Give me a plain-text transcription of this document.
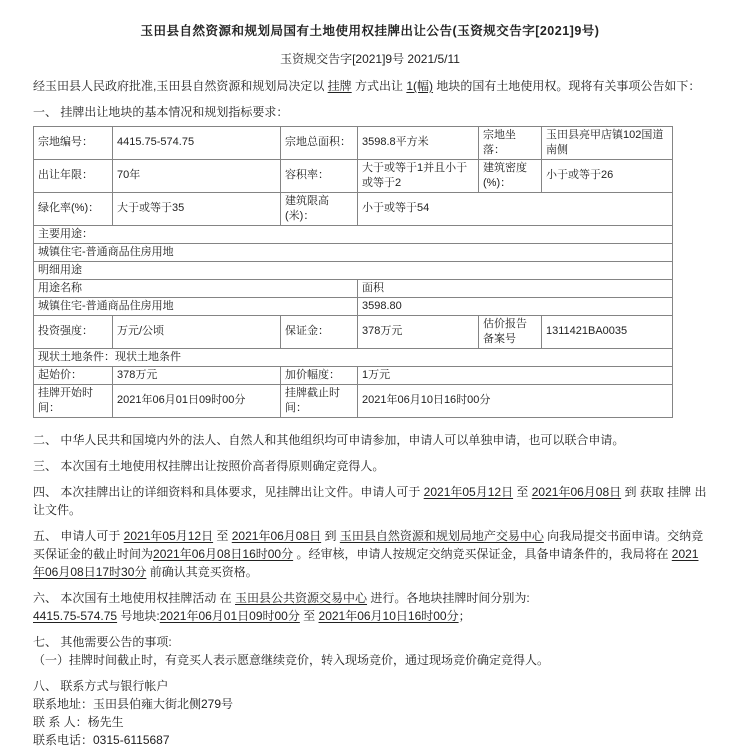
玉田县自然资源和规划局国有土地使用权挂牌出让公告(玉资规交告字[2021]9号)
玉资规交告字[2021]9号 2021/5/11

经玉田县人民政府批准,玉田县自然资源和规划局决定以 挂牌 方式出让 1(幅) 地块的国有土地使用权。现将有关事项公告如下：

一、 挂牌出让地块的基本情况和规划指标要求：

宗地编号：	4415.75-574.75	宗地总面积：	3598.8平方米	宗地坐落：	玉田县亮甲店镇102国道南侧
出让年限：	70年	容积率：	大于或等于1并且小于或等于2	建筑密度(%)：	小于或等于26
绿化率(%)：	大于或等于35	建筑限高(米)：	小于或等于54		
主要用途：					
城镇住宅-普通商品住房用地					
明细用途					
用途名称			面积		
城镇住宅-普通商品住房用地			3598.80		
投资强度：	万元/公顷	保证金：	378万元	估价报告备案号	1311421BA0035
现状土地条件：现状土地条件					
起始价：	378万元	加价幅度：	1万元		
挂牌开始时间：	2021年06月01日09时00分	挂牌截止时间：	2021年06月10日16时00分		

二、 中华人民共和国境内外的法人、自然人和其他组织均可申请参加，申请人可以单独申请，也可以联合申请。

三、 本次国有土地使用权挂牌出让按照价高者得原则确定竞得人。

四、 本次挂牌出让的详细资料和具体要求，见挂牌出让文件。申请人可于 2021年05月12日 至 2021年06月08日 到 获取 挂牌 出让文件。

五、 申请人可于 2021年05月12日 至 2021年06月08日 到 玉田县自然资源和规划局地产交易中心 向我局提交书面申请。交纳竞买保证金的截止时间为2021年06月08日16时00分 。经审核，申请人按规定交纳竞买保证金，具备申请条件的，我局将在 2021年06月08日17时30分 前确认其竞买资格。

六、 本次国有土地使用权挂牌活动 在 玉田县公共资源交易中心 进行。各地块挂牌时间分别为:
4415.75-574.75 号地块:2021年06月01日09时00分 至 2021年06月10日16时00分；

七、 其他需要公告的事项:
（一）挂牌时间截止时，有竞买人表示愿意继续竞价，转入现场竞价，通过现场竞价确定竞得人。

八、 联系方式与银行帐户
联系地址：玉田县伯雍大街北侧279号
联 系 人：杨先生
联系电话：0315-6115687
